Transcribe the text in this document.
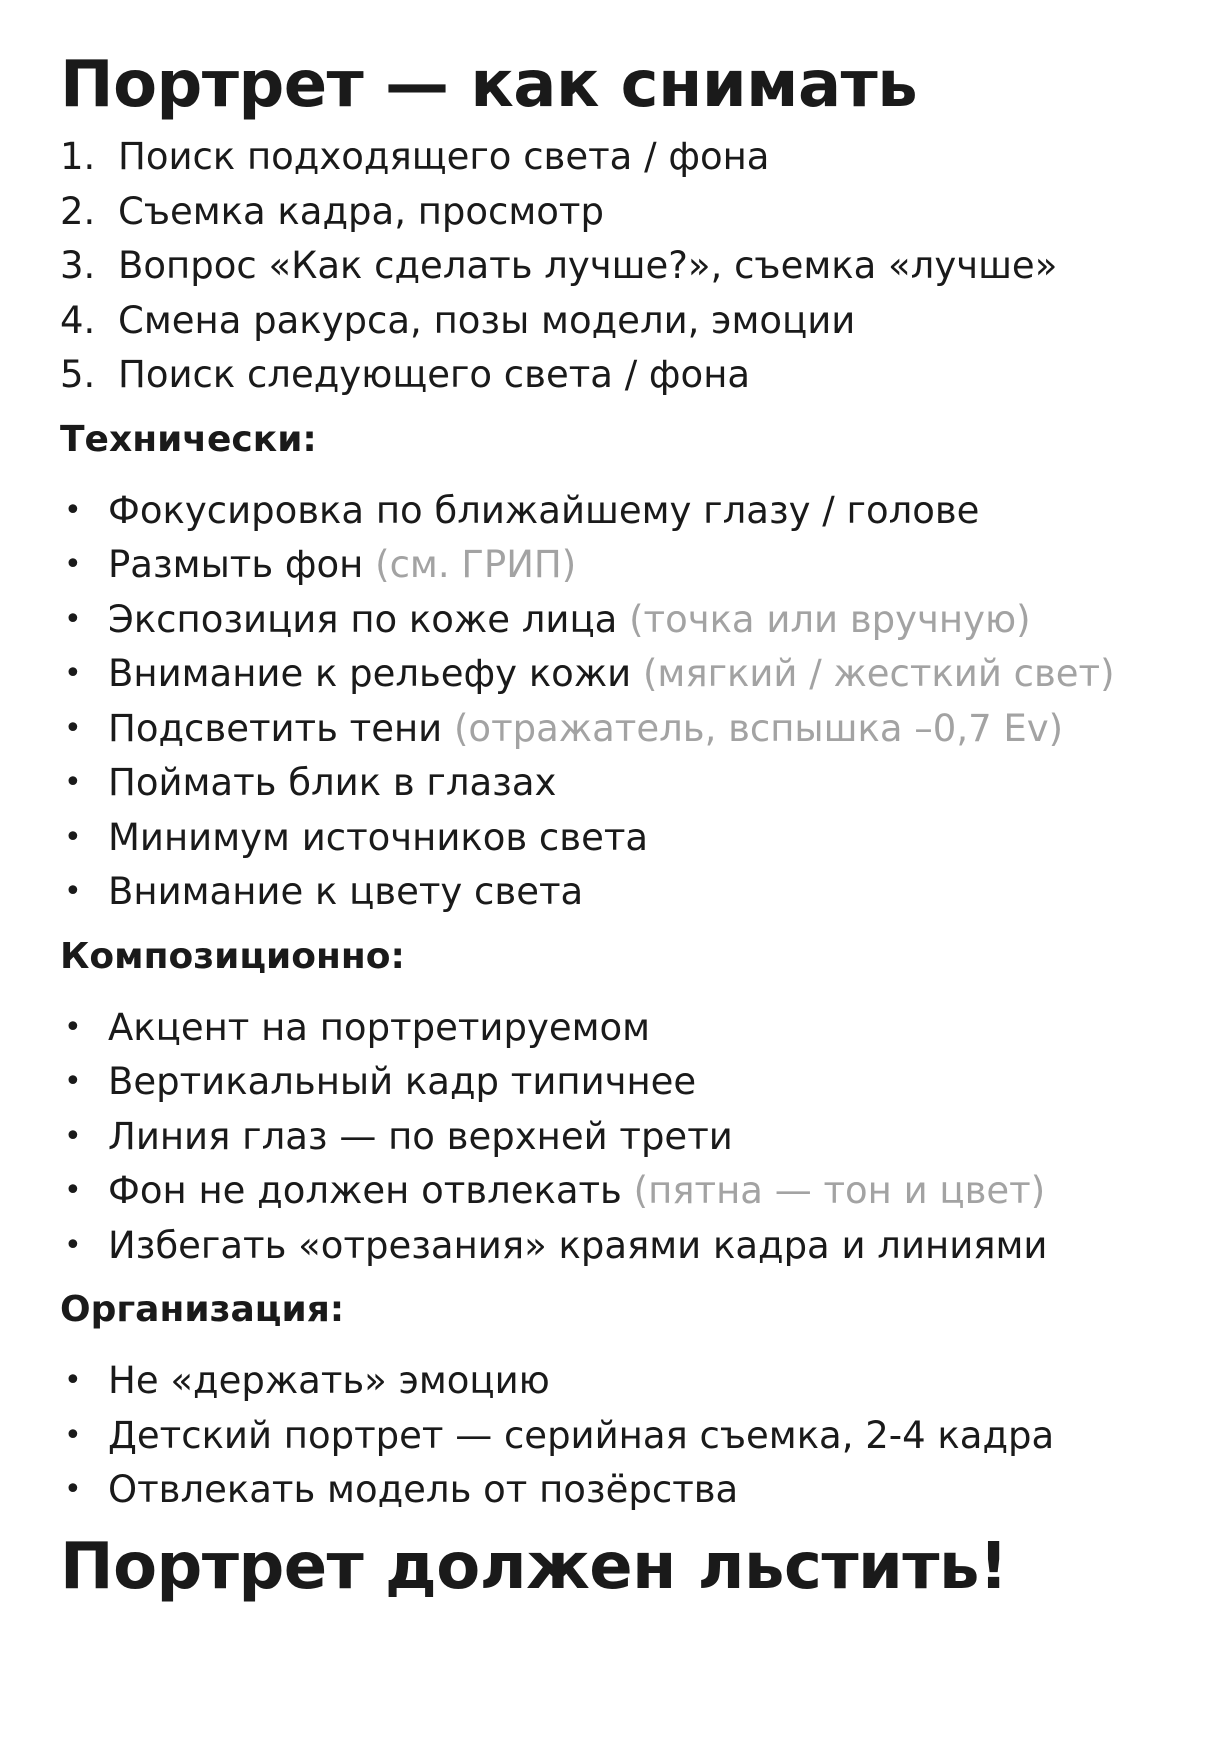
Портрет — как снимать
1. Поиск подходящего света / фона
2. Съемка кадра, просмотр
3. Вопрос «Как сделать лучше?», съемка «лучше»
4. Смена ракурса, позы модели, эмоции
5. Поиск следующего света / фона
Технически:
• Фокусировка по ближайшему глазу / голове
• Размыть фон (см. ГРИП)
• Экспозиция по коже лица (точка или вручную)
• Внимание к рельефу кожи (мягкий / жесткий свет)
• Подсветить тени (отражатель, вспышка –0,7 Ev)
• Поймать блик в глазах
• Минимум источников света
• Внимание к цвету света
Композиционно:
• Акцент на портретируемом
• Вертикальный кадр типичнее
• Линия глаз — по верхней трети
• Фон не должен отвлекать (пятна — тон и цвет)
• Избегать «отрезания» краями кадра и линиями
Организация:
• Не «держать» эмоцию
• Детский портрет — серийная съемка, 2-4 кадра
• Отвлекать модель от позёрства
Портрет должен льстить!
